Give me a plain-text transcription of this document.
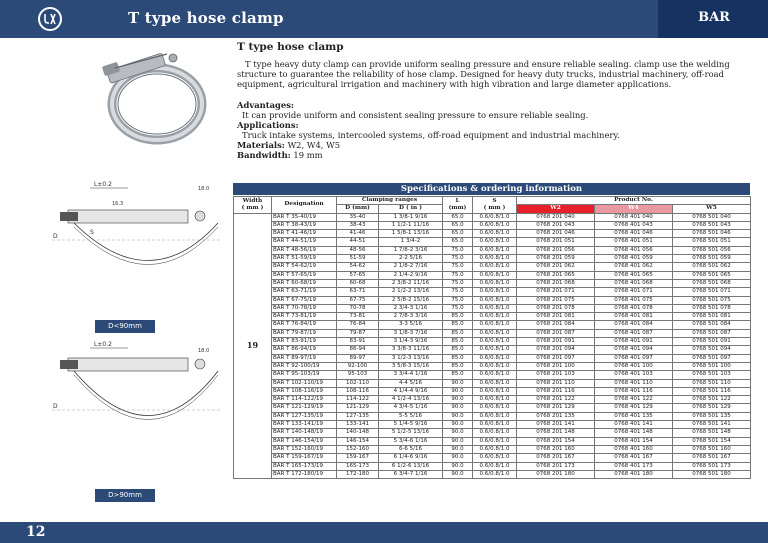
T type hose clamp	BAR
T type hose clamp
T type heavy duty clamp can provide uniform sealing pressure and ensure reliable sealing. clamp use the welding structure to guarantee the reliability of hose clamp. Designed for heavy duty trucks, industrial machinery, off-road equipment, agricultural irrigation and machinery with high vibration and large diameter applications.
Advantages:
It can provide uniform and consistent sealing pressure to ensure reliable sealing.
Applications:
Truck intake systems, intercooled systems, off-road equipment and industrial machinery.
Materials: W2, W4, W5
Bandwidth: 19 mm
L±0.2
18.0
16.3
D
S
D<90mm
L±0.2
18.0
D
D>90mm
Specifications & ordering information
Width
( mm )	Designation	Clamping ranges		L
(mm)	S
( mm )	Product No.		
		D (mm)	D ( in )			W2	W4	W5
19	BAR T 35-40/19	35-40	1 3/8-1 9/16	65.0	0.6/0.8/1.0	0768 201 040	0768 401 040	0768 501 040
	BAR T 38-43/19	38-43	1 1/2-1 11/16	65.0	0.6/0.8/1.0	0768 201 043	0768 401 043	0768 501 043
	BAR T 41-46/19	41-46	1 5/8-1 13/16	65.0	0.6/0.8/1.0	0768 201 046	0768 401 046	0768 501 046
	BAR T 44-51/19	44-51	1 3/4-2	65.0	0.6/0.8/1.0	0768 201 051	0768 401 051	0768 501 051
	BAR T 48-56/19	48-56	1 7/8-2 3/16	75.0	0.6/0.8/1.0	0768 201 056	0768 401 056	0768 501 056
	BAR T 51-59/19	51-59	2-2 5/16	75.0	0.6/0.8/1.0	0768 201 059	0768 401 059	0768 501 059
	BAR T 54-62/19	54-62	2 1/8-2 7/16	75.0	0.6/0.8/1.0	0768 201 062	0768 401 062	0768 501 062
	BAR T 57-65/19	57-65	2 1/4-2 9/16	75.0	0.6/0.8/1.0	0768 201 065	0768 401 065	0768 501 065
	BAR T 60-68/19	60-68	2 3/8-2 11/16	75.0	0.6/0.8/1.0	0768 201 068	0768 401 068	0768 501 068
	BAR T 63-71/19	63-71	2 1/2-2 13/16	75.0	0.6/0.8/1.0	0768 201 071	0768 401 071	0768 501 071
	BAR T 67-75/19	67-75	2 5/8-2 15/16	75.0	0.6/0.8/1.0	0768 201 075	0768 401 075	0768 501 075
	BAR T 70-78/19	70-78	2 3/4-3 1/16	75.0	0.6/0.8/1.0	0768 201 078	0768 401 078	0768 501 078
	BAR T 73-81/19	73-81	2 7/8-3 3/16	85.0	0.6/0.8/1.0	0768 201 081	0768 401 081	0768 501 081
	BAR T 76-84/19	76-84	3-3 5/16	85.0	0.6/0.8/1.0	0768 201 084	0768 401 084	0768 501 084
	BAR T 79-87/19	79-87	3 1/8-3 7/16	85.0	0.6/0.8/1.0	0768 201 087	0768 401 087	0768 501 087
	BAR T 83-91/19	83-91	3 1/4-3 9/16	85.0	0.6/0.8/1.0	0768 201 091	0768 401 091	0768 501 091
	BAR T 86-94/19	86-94	3 3/8-3 11/16	85.0	0.6/0.8/1.0	0768 201 094	0768 401 094	0768 501 094
	BAR T 89-97/19	89-97	3 1/2-3 13/16	85.0	0.6/0.8/1.0	0768 201 097	0768 401 097	0768 501 097
	BAR T 92-100/19	92-100	3 5/8-3 15/16	85.0	0.6/0.8/1.0	0768 201 100	0768 401 100	0768 501 100
	BAR T 95-103/19	95-103	3 3/4-4 1/16	85.0	0.6/0.8/1.0	0768 201 103	0768 401 103	0768 501 103
	BAR T 102-110/19	102-110	4-4 5/16	90.0	0.6/0.8/1.0	0768 201 110	0768 401 110	0768 501 110
	BAR T 108-116/19	108-116	4 1/4-4 9/16	90.0	0.6/0.8/1.0	0768 201 116	0768 401 116	0768 501 116
	BAR T 114-122/19	114-122	4 1/2-4 13/16	90.0	0.6/0.8/1.0	0768 201 122	0768 401 122	0768 501 122
	BAR T 121-129/19	121-129	4 3/4-5 1/16	90.0	0.6/0.8/1.0	0768 201 129	0768 401 129	0768 501 129
	BAR T 127-135/19	127-135	5-5 5/16	90.0	0.6/0.8/1.0	0768 201 135	0768 401 135	0768 501 135
	BAR T 133-141/19	133-141	5 1/4-5 9/16	90.0	0.6/0.8/1.0	0768 201 141	0768 401 141	0768 501 141
	BAR T 140-148/19	140-148	5 1/2-5 13/16	90.0	0.6/0.8/1.0	0768 201 148	0768 401 148	0768 501 148
	BAR T 146-154/19	146-154	5 3/4-6 1/16	90.0	0.6/0.8/1.0	0768 201 154	0768 401 154	0768 501 154
	BAR T 152-160/19	152-160	6-6 5/16	90.0	0.6/0.8/1.0	0768 201 160	0768 401 160	0768 501 160
	BAR T 159-167/19	159-167	6 1/4-6 9/16	90.0	0.6/0.8/1.0	0768 201 167	0768 401 167	0768 501 167
	BAR T 165-173/19	165-173	6 1/2-6 13/16	90.0	0.6/0.8/1.0	0768 201 173	0768 401 173	0768 501 173
	BAR T 172-180/19	172-180	6 3/4-7 1/16	90.0	0.6/0.8/1.0	0768 201 180	0768 401 180	0768 501 180
12
